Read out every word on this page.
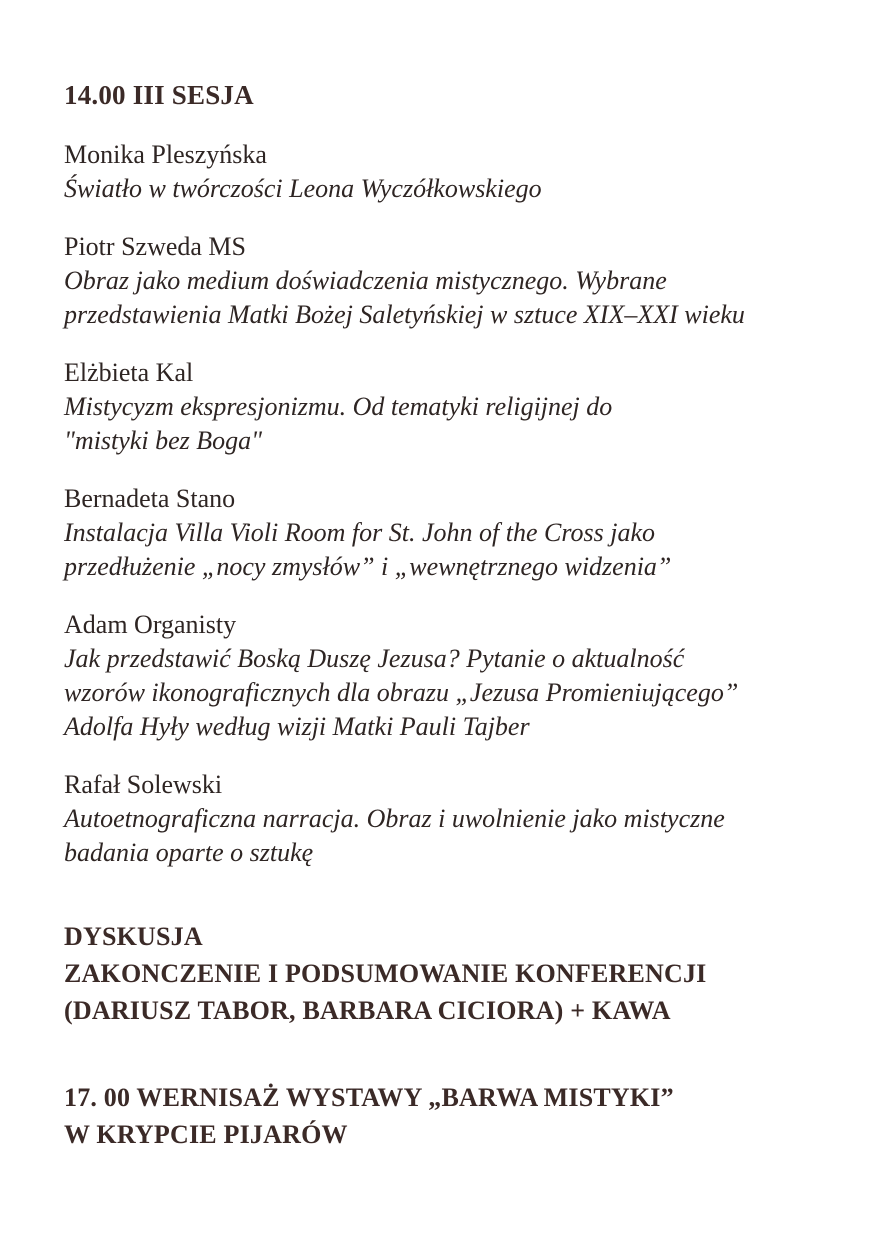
14.00 III SESJA
Monika Pleszyńska
Światło w twórczości Leona Wyczółkowskiego
Piotr Szweda MS
Obraz jako medium doświadczenia mistycznego. Wybrane
przedstawienia Matki Bożej Saletyńskiej w sztuce XIX–XXI wieku
Elżbieta Kal
Mistycyzm ekspresjonizmu. Od tematyki religijnej do
"mistyki bez Boga"
Bernadeta Stano
Instalacja Villa Violi Room for St. John of the Cross jako
przedłużenie „nocy zmysłów” i „wewnętrznego widzenia”
Adam Organisty
Jak przedstawić Boską Duszę Jezusa? Pytanie o aktualność
wzorów ikonograficznych dla obrazu „Jezusa Promieniującego”
Adolfa Hyły według wizji Matki Pauli Tajber
Rafał Solewski
Autoetnograficzna narracja. Obraz i uwolnienie jako mistyczne
badania oparte o sztukę
DYSKUSJA
ZAKONCZENIE I PODSUMOWANIE KONFERENCJI
(DARIUSZ TABOR, BARBARA CICIORA) + KAWA
17. 00 WERNISAŻ WYSTAWY „BARWA MISTYKI”
W KRYPCIE PIJARÓW
